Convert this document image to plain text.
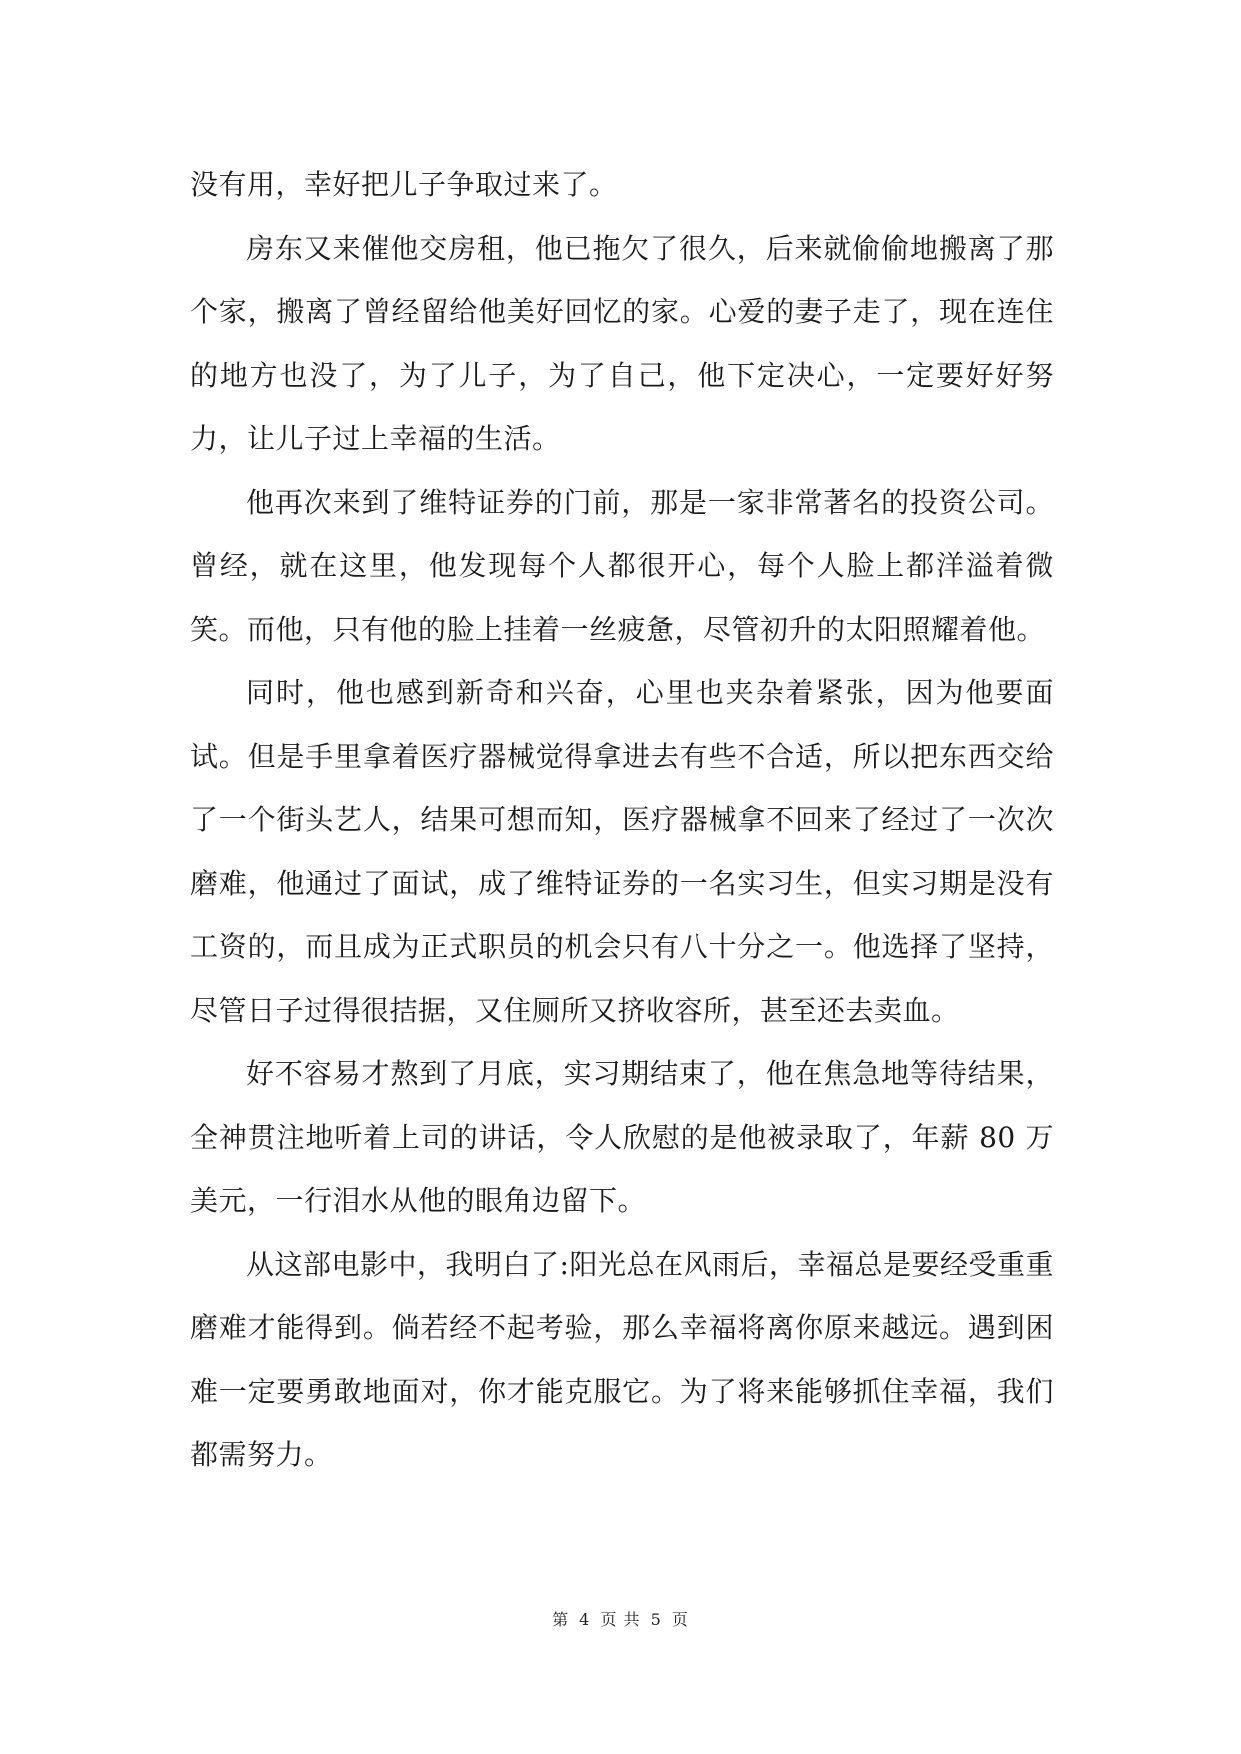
没有用，幸好把儿子争取过来了。

房东又来催他交房租，他已拖欠了很久，后来就偷偷地搬离了那个家，搬离了曾经留给他美好回忆的家。心爱的妻子走了，现在连住的地方也没了，为了儿子，为了自己，他下定决心，一定要好好努力，让儿子过上幸福的生活。

他再次来到了维特证券的门前，那是一家非常著名的投资公司。曾经，就在这里，他发现每个人都很开心，每个人脸上都洋溢着微笑。而他，只有他的脸上挂着一丝疲惫，尽管初升的太阳照耀着他。

同时，他也感到新奇和兴奋，心里也夹杂着紧张，因为他要面试。但是手里拿着医疗器械觉得拿进去有些不合适，所以把东西交给了一个街头艺人，结果可想而知，医疗器械拿不回来了经过了一次次磨难，他通过了面试，成了维特证券的一名实习生，但实习期是没有工资的，而且成为正式职员的机会只有八十分之一。他选择了坚持，尽管日子过得很拮据，又住厕所又挤收容所，甚至还去卖血。

好不容易才熬到了月底，实习期结束了，他在焦急地等待结果，全神贯注地听着上司的讲话，令人欣慰的是他被录取了，年薪 80 万美元，一行泪水从他的眼角边留下。

从这部电影中，我明白了:阳光总在风雨后，幸福总是要经受重重磨难才能得到。倘若经不起考验，那么幸福将离你原来越远。遇到困难一定要勇敢地面对，你才能克服它。为了将来能够抓住幸福，我们都需努力。

第 4 页 共 5 页
